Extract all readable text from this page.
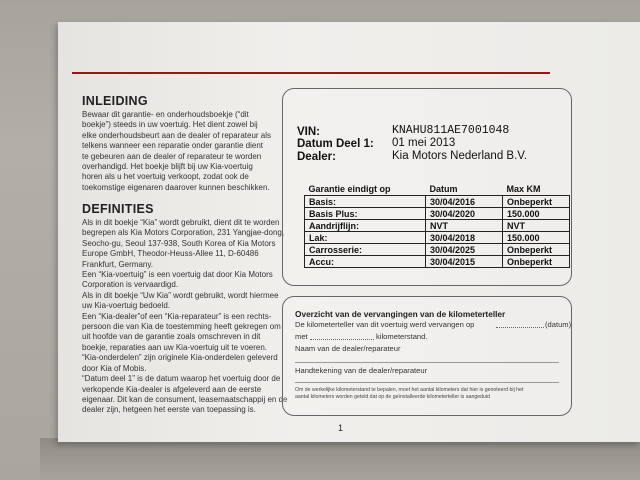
INLEIDING
Bewaar dit garantie- en onderhoudsboekje (“dit
boekje”) steeds in uw voertuig. Het dient zowel bij
elke onderhoudsbeurt aan de dealer of reparateur als
telkens wanneer een reparatie onder garantie dient
te gebeuren aan de dealer of reparateur te worden
overhandigd. Het boekje blijft bij uw Kia-voertuig
horen als u het voertuig verkoopt, zodat ook de
toekomstige eigenaren daarover kunnen beschikken.
DEFINITIES
Als in dit boekje “Kia” wordt gebruikt, dient dit te worden
begrepen als Kia Motors Corporation, 231 Yangjae-dong,
Seocho-gu, Seoul 137-938, South Korea of Kia Motors
Europe GmbH, Theodor-Heuss-Allee 11, D-60486
Frankfurt, Germany.
Een “Kia-voertuig” is een voertuig dat door Kia Motors
Corporation is vervaardigd.
Als in dit boekje “Uw Kia” wordt gebruikt, wordt hiermee
uw Kia-voertuig bedoeld.
Een “Kia-dealer”of een “Kia-reparateur” is een rechts-
persoon die van Kia de toestemming heeft gekregen om
uit hoofde van de garantie zoals omschreven in dit
boekje, reparaties aan uw Kia-voertuig uit te voeren.
“Kia-onderdelen” zijn originele Kia-onderdelen geleverd
door Kia of Mobis.
“Datum deel 1” is de datum waarop het voertuig door de
verkopende Kia-dealer is afgeleverd aan de eerste
eigenaar. Dit kan de consument, leasemaatschappij en de
dealer zijn, hetgeen het eerste van toepassing is.
VIN:	KNAHU811AE7001048
Datum Deel 1: 01 mei 2013
Dealer:	Kia Motors Nederland B.V.
Garantie eindigt op	Datum	Max KM
Basis:	30/04/2016	Onbeperkt
Basis Plus:	30/04/2020	150.000
Aandrijflijn:	NVT	NVT
Lak:	30/04/2018	150.000
Carrosserie:	30/04/2025	Onbeperkt
Accu:	30/04/2015	Onbeperkt
Overzicht van de vervangingen van de kilometerteller
De kilometerteller van dit voertuig werd vervangen op	(datum)
met	kilometerstand.
Naam van de dealer/reparateur
Handtekening van de dealer/reparateur
Om de werkelijke kilometerstand te bepalen, moet het aantal kilometers dat hier is genoteerd bij het
aantal kilometers worden geteld dat op de geïnstalleerde kilometerteller is aangeduid
1
